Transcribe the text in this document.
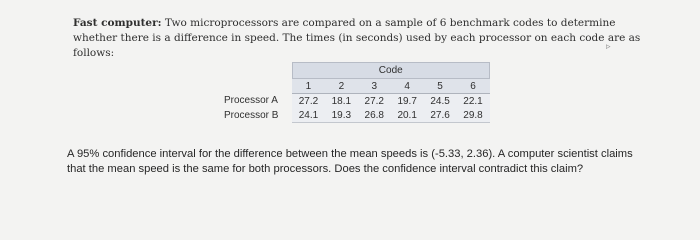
Fast computer: Two microprocessors are compared on a sample of 6 benchmark codes to determine whether there is a difference in speed. The times (in seconds) used by each processor on each code are as follows:	▹
	Code					
	1	2	3	4	5	6
Processor A	27.2	18.1	27.2	19.7	24.5	22.1
Processor B	24.1	19.3	26.8	20.1	27.6	29.8
A 95% confidence interval for the difference between the mean speeds is (-5.33, 2.36). A computer scientist claims that the mean speed is the same for both processors. Does the confidence interval contradict this claim?
